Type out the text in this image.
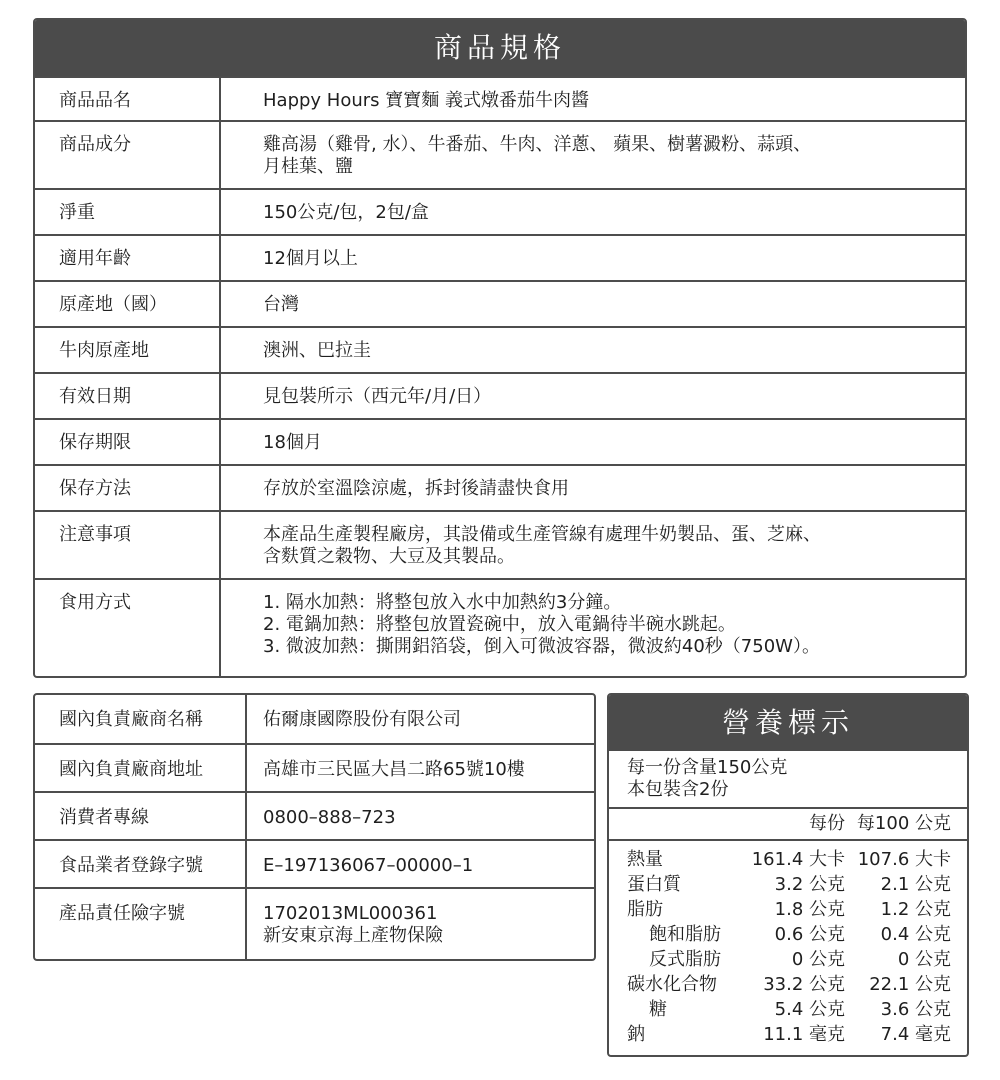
商品規格
商品品名	Happy Hours 寶寶麵 義式燉番茄牛肉醬
商品成分	雞高湯（雞骨, 水）、牛番茄、牛肉、洋蔥、 蘋果、樹薯澱粉、蒜頭、
月桂葉、鹽
淨重	150公克/包，2包/盒
適用年齡	12個月以上
原產地（國）	台灣
牛肉原產地	澳洲、巴拉圭
有效日期	見包裝所示（西元年/月/日）
保存期限	18個月
保存方法	存放於室溫陰涼處，拆封後請盡快食用
注意事項	本產品生產製程廠房，其設備或生產管線有處理牛奶製品、蛋、芝麻、
含麩質之穀物、大豆及其製品。
食用方式	1. 隔水加熱：將整包放入水中加熱約3分鐘。
2. 電鍋加熱：將整包放置瓷碗中，放入電鍋待半碗水跳起。
3. 微波加熱：撕開鋁箔袋，倒入可微波容器，微波約40秒（750W）。
國內負責廠商名稱	佑爾康國際股份有限公司
國內負責廠商地址	高雄市三民區大昌二路65號10樓
消費者專線	0800–888–723
食品業者登錄字號	E–197136067–00000–1
產品責任險字號	1702013ML000361
新安東京海上產物保險
營養標示
每一份含量150公克
本包裝含2份
每份 每100 公克
熱量	161.4 大卡 107.6 大卡
蛋白質	3.2 公克 2.1 公克
脂肪	1.8 公克 1.2 公克
飽和脂肪	0.6 公克 0.4 公克
反式脂肪	0 公克	0 公克
碳水化合物	33.2 公克 22.1 公克
糖	5.4 公克 3.6 公克
鈉	11.1 毫克 7.4 毫克
